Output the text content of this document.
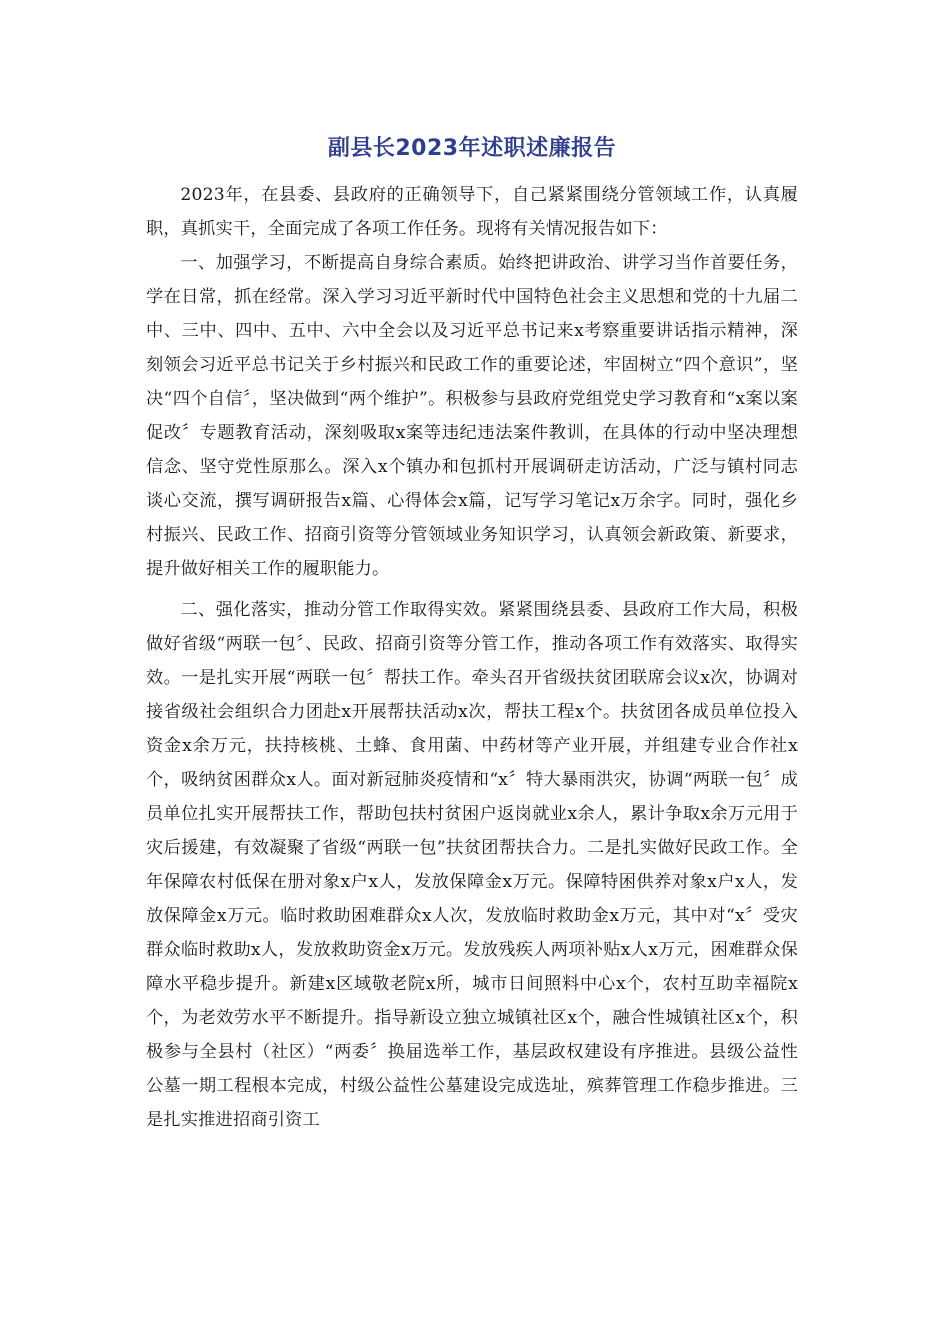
副县长2023年述职述廉报告

2023年，在县委、县政府的正确领导下，自己紧紧围绕分管领域工作，认真履职，真抓实干，全面完成了各项工作任务。现将有关情况报告如下：

一、加强学习，不断提高自身综合素质。始终把讲政治、讲学习当作首要任务，学在日常，抓在经常。深入学习习近平新时代中国特色社会主义思想和党的十九届二中、三中、四中、五中、六中全会以及习近平总书记来x考察重要讲话指示精神，深刻领会习近平总书记关于乡村振兴和民政工作的重要论述，牢固树立“四个意识”，坚决“四个自信〞，坚决做到“两个维护”。积极参与县政府党组党史学习教育和“x案以案促改〞专题教育活动，深刻吸取x案等违纪违法案件教训，在具体的行动中坚决理想信念、坚守党性原那么。深入x个镇办和包抓村开展调研走访活动，广泛与镇村同志谈心交流，撰写调研报告x篇、心得体会x篇，记写学习笔记x万余字。同时，强化乡村振兴、民政工作、招商引资等分管领域业务知识学习，认真领会新政策、新要求，提升做好相关工作的履职能力。

二、强化落实，推动分管工作取得实效。紧紧围绕县委、县政府工作大局，积极做好省级“两联一包〞、民政、招商引资等分管工作，推动各项工作有效落实、取得实效。一是扎实开展“两联一包〞帮扶工作。牵头召开省级扶贫团联席会议x次，协调对接省级社会组织合力团赴x开展帮扶活动x次，帮扶工程x个。扶贫团各成员单位投入资金x余万元，扶持核桃、土蜂、食用菌、中药材等产业开展，并组建专业合作社x个，吸纳贫困群众x人。面对新冠肺炎疫情和“x〞特大暴雨洪灾，协调“两联一包〞成员单位扎实开展帮扶工作，帮助包扶村贫困户返岗就业x余人，累计争取x余万元用于灾后援建，有效凝聚了省级“两联一包”扶贫团帮扶合力。二是扎实做好民政工作。全年保障农村低保在册对象x户x人，发放保障金x万元。保障特困供养对象x户x人，发放保障金x万元。临时救助困难群众x人次，发放临时救助金x万元，其中对“x〞受灾群众临时救助x人，发放救助资金x万元。发放残疾人两项补贴x人x万元，困难群众保障水平稳步提升。新建x区域敬老院x所，城市日间照料中心x个，农村互助幸福院x个，为老效劳水平不断提升。指导新设立独立城镇社区x个，融合性城镇社区x个，积极参与全县村（社区）“两委〞换届选举工作，基层政权建设有序推进。县级公益性公墓一期工程根本完成，村级公益性公墓建设完成选址，殡葬管理工作稳步推进。三是扎实推进招商引资工
